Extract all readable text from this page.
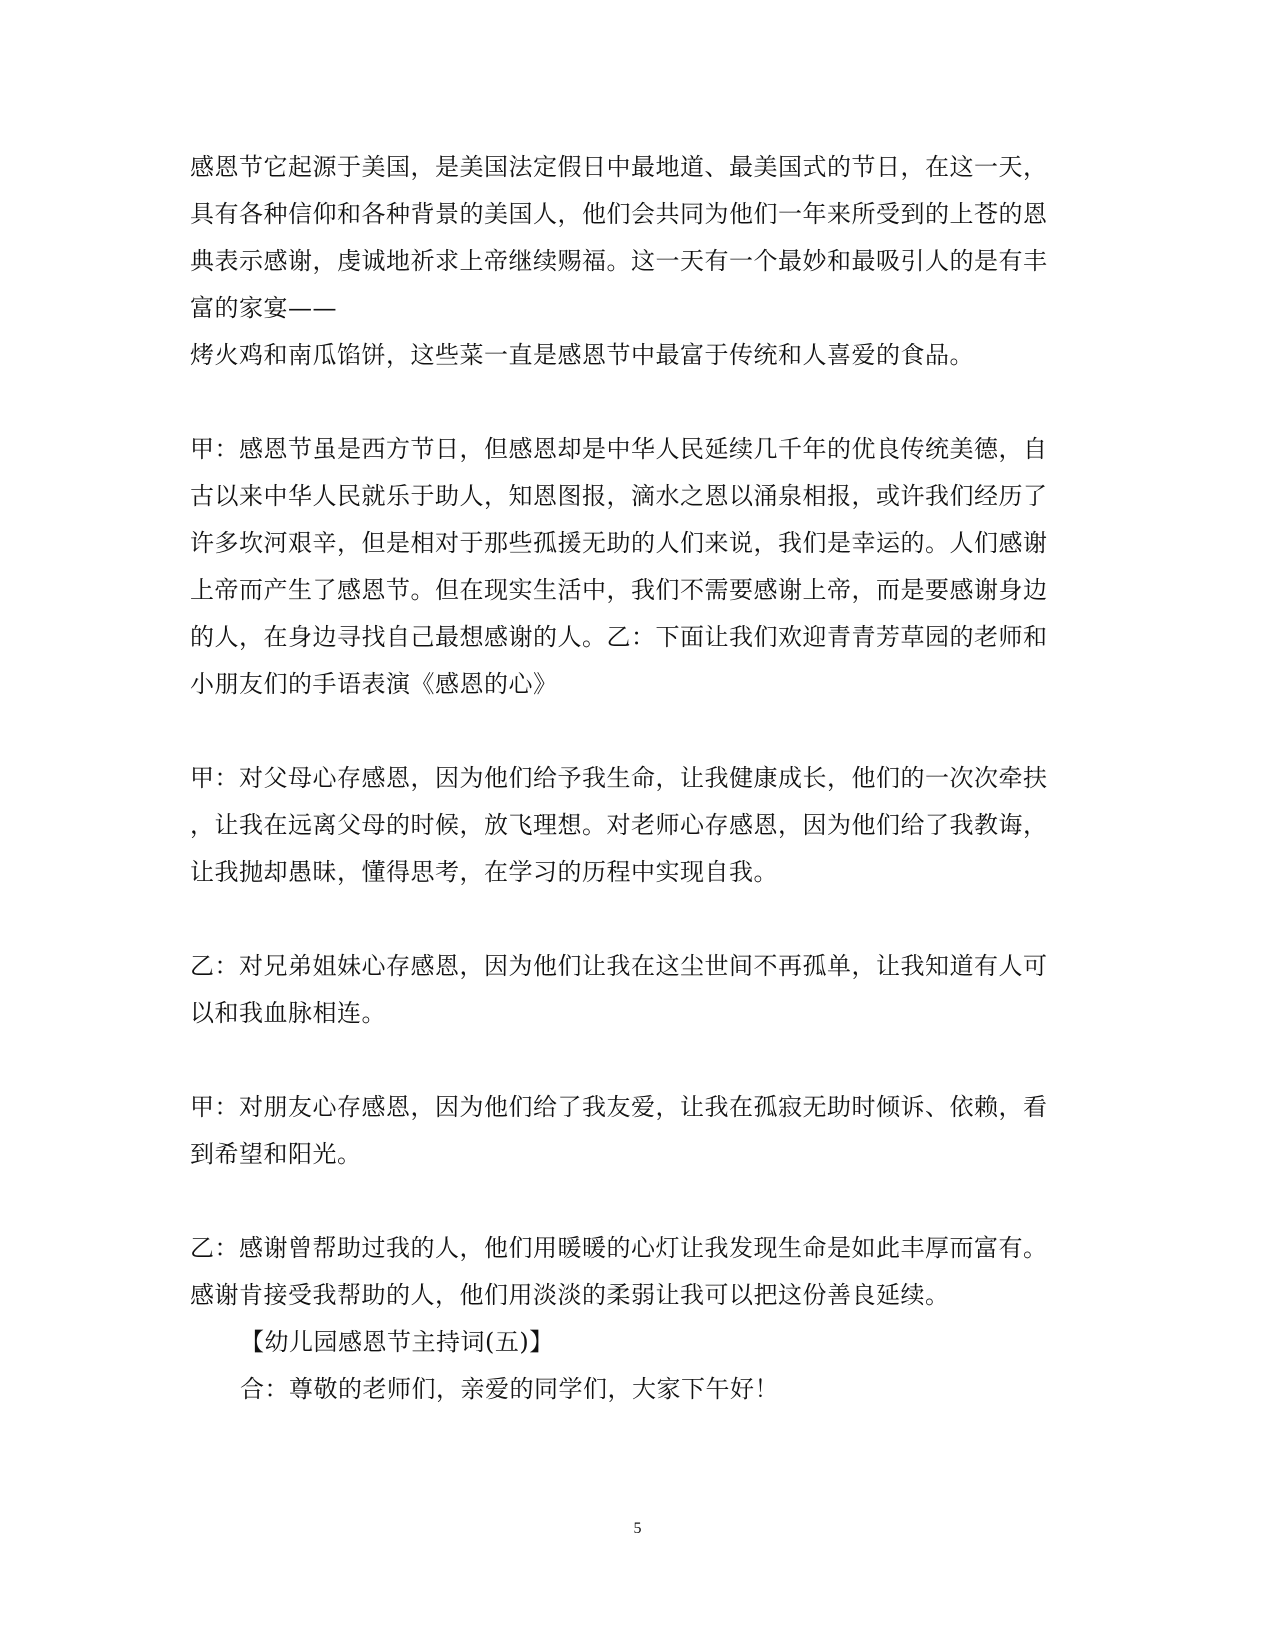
感恩节它起源于美国，是美国法定假日中最地道、最美国式的节日，在这一天，
具有各种信仰和各种背景的美国人，他们会共同为他们一年来所受到的上苍的恩
典表示感谢，虔诚地祈求上帝继续赐福。这一天有一个最妙和最吸引人的是有丰
富的家宴——
烤火鸡和南瓜馅饼，这些菜一直是感恩节中最富于传统和人喜爱的食品。
甲：感恩节虽是西方节日，但感恩却是中华人民延续几千年的优良传统美德，自
古以来中华人民就乐于助人，知恩图报，滴水之恩以涌泉相报，或许我们经历了
许多坎河艰辛，但是相对于那些孤援无助的人们来说，我们是幸运的。人们感谢
上帝而产生了感恩节。但在现实生活中，我们不需要感谢上帝，而是要感谢身边
的人，在身边寻找自己最想感谢的人。乙：下面让我们欢迎青青芳草园的老师和
小朋友们的手语表演《感恩的心》
甲：对父母心存感恩，因为他们给予我生命，让我健康成长，他们的一次次牵扶
，让我在远离父母的时候，放飞理想。对老师心存感恩，因为他们给了我教诲，
让我抛却愚昧，懂得思考，在学习的历程中实现自我。
乙：对兄弟姐妹心存感恩，因为他们让我在这尘世间不再孤单，让我知道有人可
以和我血脉相连。
甲：对朋友心存感恩，因为他们给了我友爱，让我在孤寂无助时倾诉、依赖，看
到希望和阳光。
乙：感谢曾帮助过我的人，他们用暖暖的心灯让我发现生命是如此丰厚而富有。
感谢肯接受我帮助的人，他们用淡淡的柔弱让我可以把这份善良延续。
【幼儿园感恩节主持词(五)】
合：尊敬的老师们，亲爱的同学们，大家下午好！
5
